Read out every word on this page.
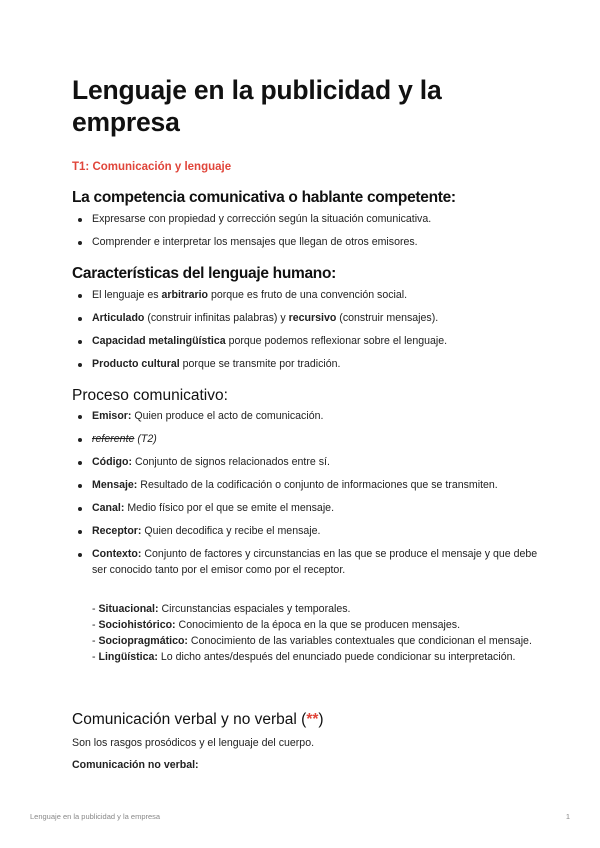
Lenguaje en la publicidad y la empresa
T1: Comunicación y lenguaje
La competencia comunicativa o hablante competente:
Expresarse con propiedad y corrección según la situación comunicativa.
Comprender e interpretar los mensajes que llegan de otros emisores.
Características del lenguaje humano:
El lenguaje es arbitrario porque es fruto de una convención social.
Articulado (construir infinitas palabras) y recursivo (construir mensajes).
Capacidad metalingüística porque podemos reflexionar sobre el lenguaje.
Producto cultural porque se transmite por tradición.
Proceso comunicativo:
Emisor: Quien produce el acto de comunicación.
referente (T2)
Código: Conjunto de signos relacionados entre sí.
Mensaje: Resultado de la codificación o conjunto de informaciones que se transmiten.
Canal: Medio físico por el que se emite el mensaje.
Receptor: Quien decodifica y recibe el mensaje.
Contexto: Conjunto de factores y circunstancias en las que se produce el mensaje y que debe ser conocido tanto por el emisor como por el receptor.
- Situacional: Circunstancias espaciales y temporales.
- Sociohistórico: Conocimiento de la época en la que se producen mensajes.
- Sociopragmático: Conocimiento de las variables contextuales que condicionan el mensaje.
- Lingüística: Lo dicho antes/después del enunciado puede condicionar su interpretación.
Comunicación verbal y no verbal (**)

Son los rasgos prosódicos y el lenguaje del cuerpo.

Comunicación no verbal:

Lenguaje en la publicidad y la empresa	1
